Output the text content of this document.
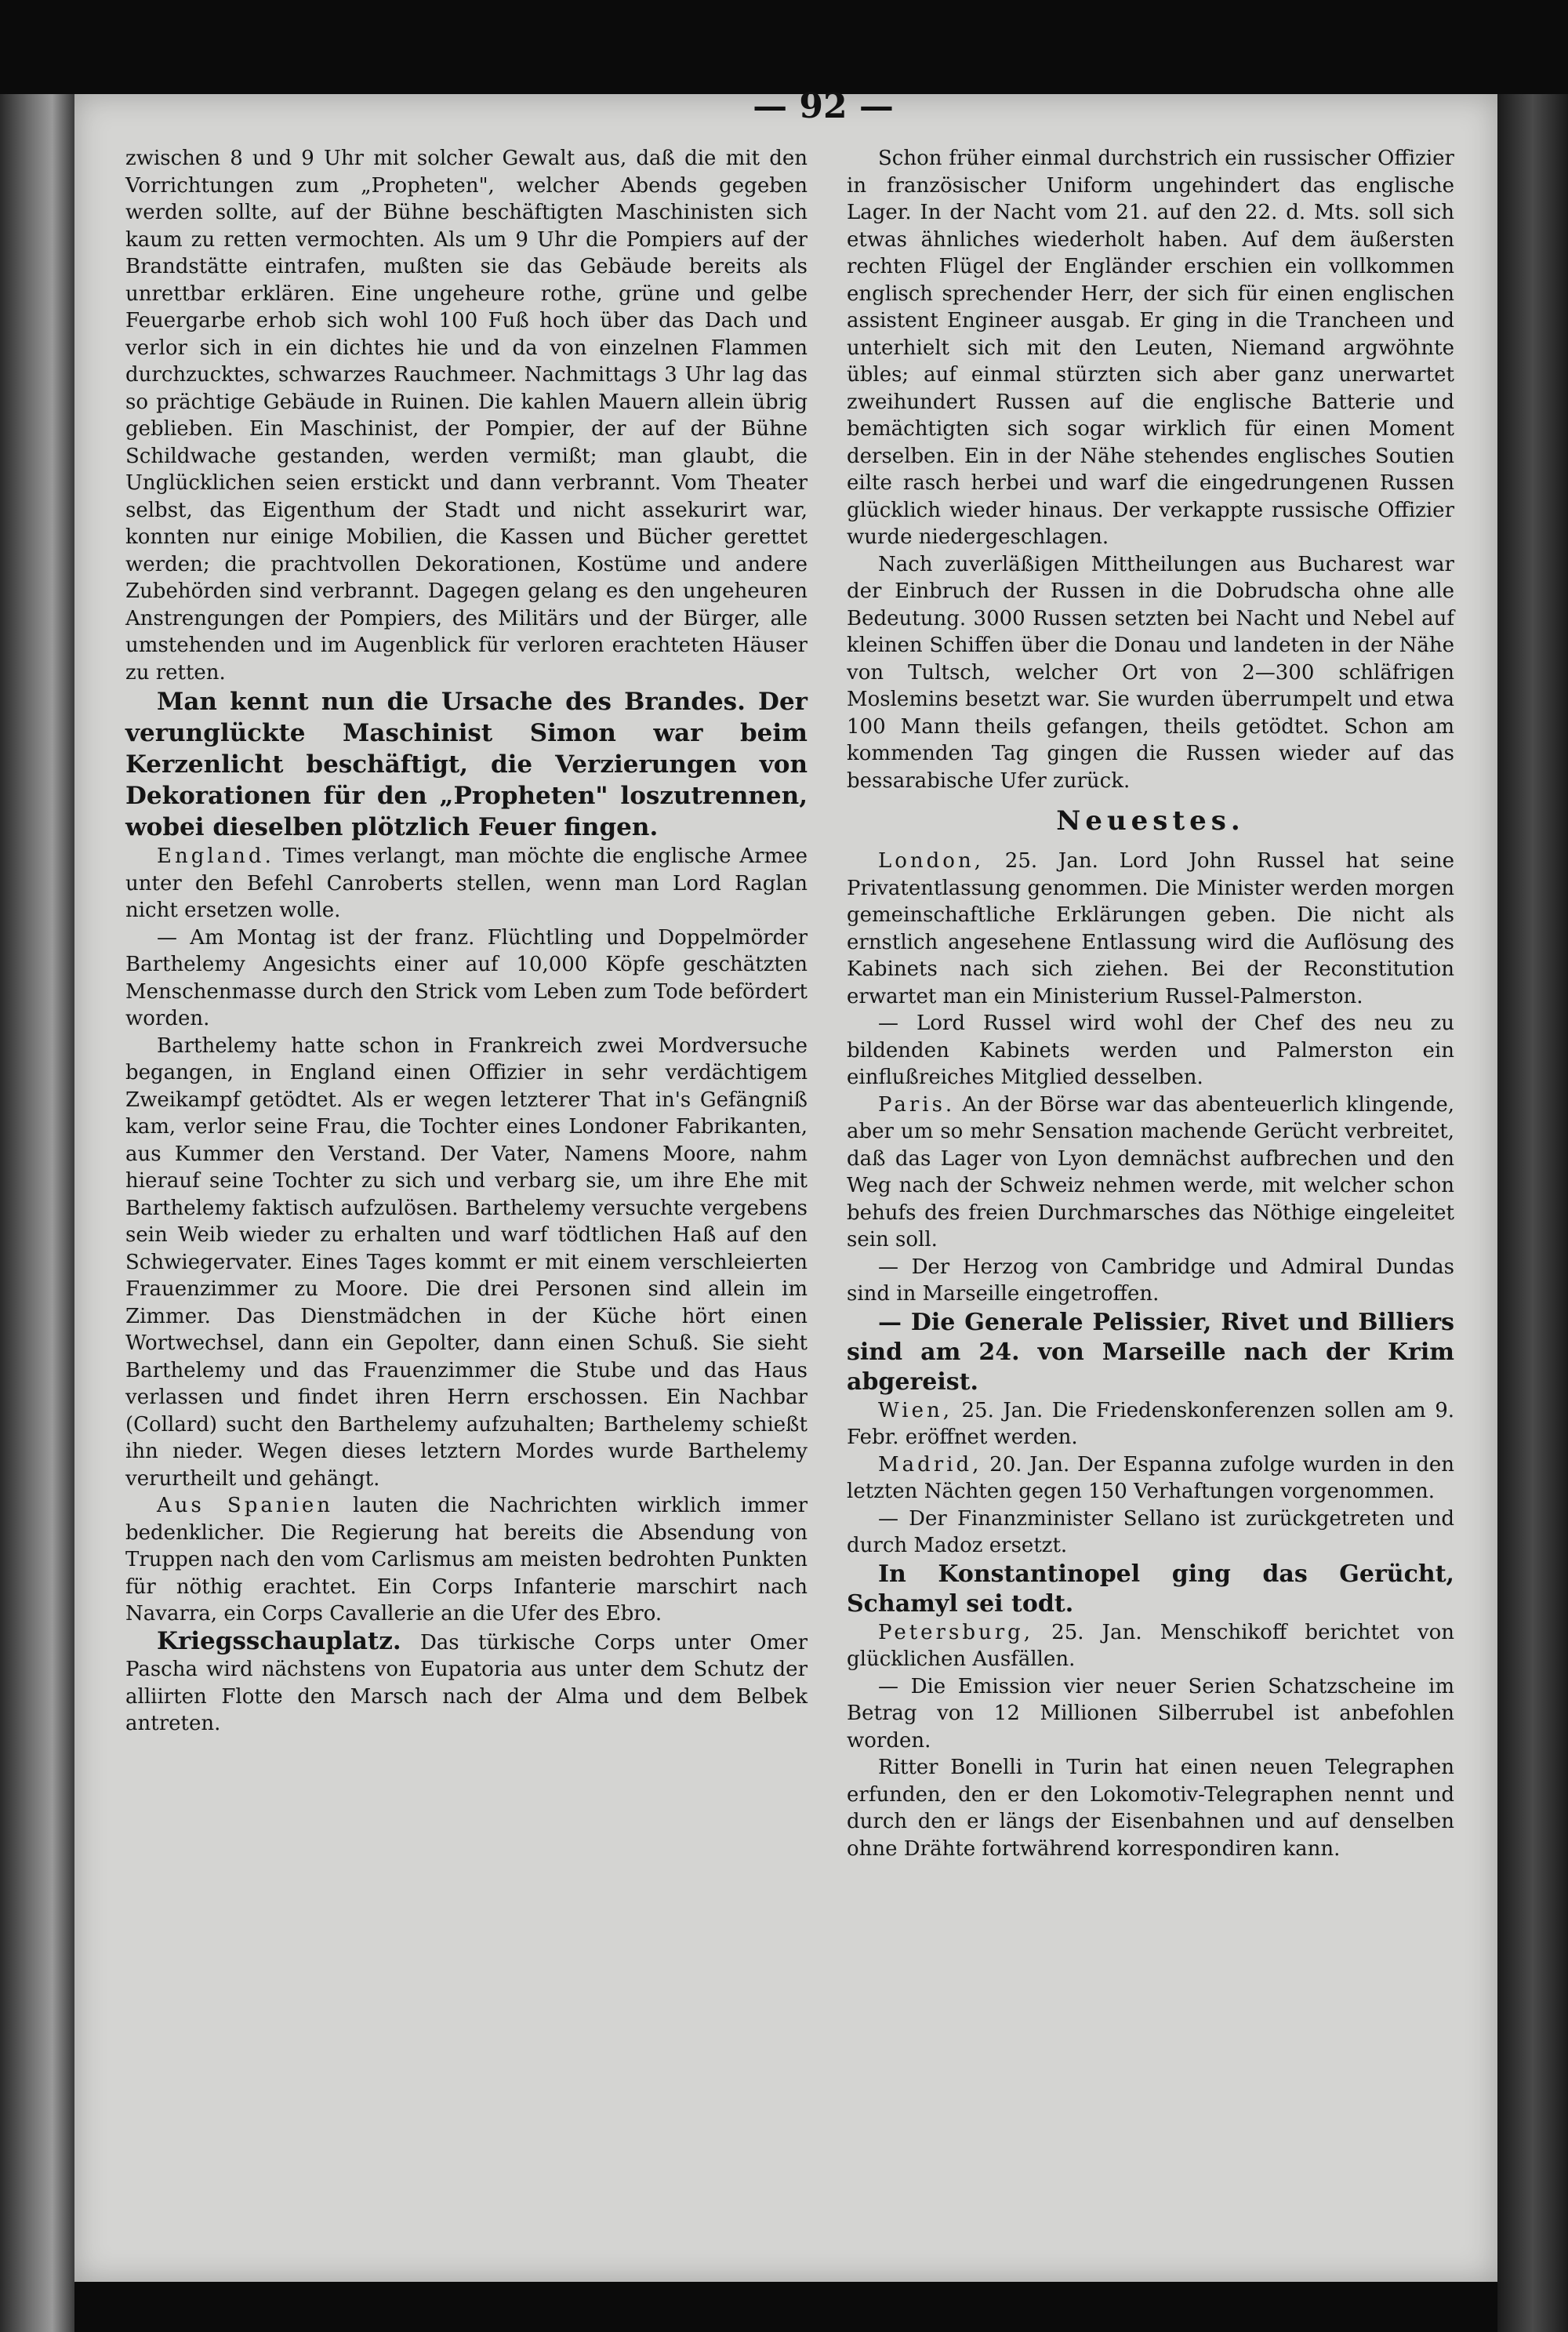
— 92 —

zwischen 8 und 9 Uhr mit solcher Gewalt aus, daß die mit den Vorrichtungen zum „Propheten", welcher Abends gegeben werden sollte, auf der Bühne beschäftigten Maschinisten sich kaum zu retten vermochten. Als um 9 Uhr die Pompiers auf der Brandstätte eintrafen, mußten sie das Gebäude bereits als unrettbar erklären. Eine ungeheure rothe, grüne und gelbe Feuergarbe erhob sich wohl 100 Fuß hoch über das Dach und verlor sich in ein dichtes hie und da von einzelnen Flammen durchzucktes, schwarzes Rauchmeer. Nachmittags 3 Uhr lag das so prächtige Gebäude in Ruinen. Die kahlen Mauern allein übrig geblieben. Ein Maschinist, der Pompier, der auf der Bühne Schildwache gestanden, werden vermißt; man glaubt, die Unglücklichen seien erstickt und dann verbrannt. Vom Theater selbst, das Eigenthum der Stadt und nicht assekurirt war, konnten nur einige Mobilien, die Kassen und Bücher gerettet werden; die prachtvollen Dekorationen, Kostüme und andere Zubehörden sind verbrannt. Dagegen gelang es den ungeheuren Anstrengungen der Pompiers, des Militärs und der Bürger, alle umstehenden und im Augenblick für verloren erachteten Häuser zu retten.

Man kennt nun die Ursache des Brandes. Der verunglückte Maschinist Simon war beim Kerzenlicht beschäftigt, die Verzierungen von Dekorationen für den „Propheten" loszutrennen, wobei dieselben plötzlich Feuer fingen.

England. Times verlangt, man möchte die englische Armee unter den Befehl Canroberts stellen, wenn man Lord Raglan nicht ersetzen wolle.

— Am Montag ist der franz. Flüchtling und Doppelmörder Barthelemy Angesichts einer auf 10,000 Köpfe geschätzten Menschenmasse durch den Strick vom Leben zum Tode befördert worden.

Barthelemy hatte schon in Frankreich zwei Mordversuche begangen, in England einen Offizier in sehr verdächtigem Zweikampf getödtet. Als er wegen letzterer That in's Gefängniß kam, verlor seine Frau, die Tochter eines Londoner Fabrikanten, aus Kummer den Verstand. Der Vater, Namens Moore, nahm hierauf seine Tochter zu sich und verbarg sie, um ihre Ehe mit Barthelemy faktisch aufzulösen. Barthelemy versuchte vergebens sein Weib wieder zu erhalten und warf tödtlichen Haß auf den Schwiegervater. Eines Tages kommt er mit einem verschleierten Frauenzimmer zu Moore. Die drei Personen sind allein im Zimmer. Das Dienstmädchen in der Küche hört einen Wortwechsel, dann ein Gepolter, dann einen Schuß. Sie sieht Barthelemy und das Frauenzimmer die Stube und das Haus verlassen und findet ihren Herrn erschossen. Ein Nachbar (Collard) sucht den Barthelemy aufzuhalten; Barthelemy schießt ihn nieder. Wegen dieses letztern Mordes wurde Barthelemy verurtheilt und gehängt.

Aus Spanien lauten die Nachrichten wirklich immer bedenklicher. Die Regierung hat bereits die Absendung von Truppen nach den vom Carlismus am meisten bedrohten Punkten für nöthig erachtet. Ein Corps Infanterie marschirt nach Navarra, ein Corps Cavallerie an die Ufer des Ebro.

Kriegsschauplatz. Das türkische Corps unter Omer Pascha wird nächstens von Eupatoria aus unter dem Schutz der alliirten Flotte den Marsch nach der Alma und dem Belbek antreten.

Schon früher einmal durchstrich ein russischer Offizier in französischer Uniform ungehindert das englische Lager. In der Nacht vom 21. auf den 22. d. Mts. soll sich etwas ähnliches wiederholt haben. Auf dem äußersten rechten Flügel der Engländer erschien ein vollkommen englisch sprechender Herr, der sich für einen englischen assistent Engineer ausgab. Er ging in die Trancheen und unterhielt sich mit den Leuten, Niemand argwöhnte übles; auf einmal stürzten sich aber ganz unerwartet zweihundert Russen auf die englische Batterie und bemächtigten sich sogar wirklich für einen Moment derselben. Ein in der Nähe stehendes englisches Soutien eilte rasch herbei und warf die eingedrungenen Russen glücklich wieder hinaus. Der verkappte russische Offizier wurde niedergeschlagen.

Nach zuverläßigen Mittheilungen aus Bucharest war der Einbruch der Russen in die Dobrudscha ohne alle Bedeutung. 3000 Russen setzten bei Nacht und Nebel auf kleinen Schiffen über die Donau und landeten in der Nähe von Tultsch, welcher Ort von 2—300 schläfrigen Moslemins besetzt war. Sie wurden überrumpelt und etwa 100 Mann theils gefangen, theils getödtet. Schon am kommenden Tag gingen die Russen wieder auf das bessarabische Ufer zurück.

Neuestes.

London, 25. Jan. Lord John Russel hat seine Privatentlassung genommen. Die Minister werden morgen gemeinschaftliche Erklärungen geben. Die nicht als ernstlich angesehene Entlassung wird die Auflösung des Kabinets nach sich ziehen. Bei der Reconstitution erwartet man ein Ministerium Russel-Palmerston.

— Lord Russel wird wohl der Chef des neu zu bildenden Kabinets werden und Palmerston ein einflußreiches Mitglied desselben.

Paris. An der Börse war das abenteuerlich klingende, aber um so mehr Sensation machende Gerücht verbreitet, daß das Lager von Lyon demnächst aufbrechen und den Weg nach der Schweiz nehmen werde, mit welcher schon behufs des freien Durchmarsches das Nöthige eingeleitet sein soll.

— Der Herzog von Cambridge und Admiral Dundas sind in Marseille eingetroffen.

— Die Generale Pelissier, Rivet und Billiers sind am 24. von Marseille nach der Krim abgereist.

Wien, 25. Jan. Die Friedenskonferenzen sollen am 9. Febr. eröffnet werden.

Madrid, 20. Jan. Der Espanna zufolge wurden in den letzten Nächten gegen 150 Verhaftungen vorgenommen.

— Der Finanzminister Sellano ist zurückgetreten und durch Madoz ersetzt.

In Konstantinopel ging das Gerücht, Schamyl sei todt.

Petersburg, 25. Jan. Menschikoff berichtet von glücklichen Ausfällen.

— Die Emission vier neuer Serien Schatzscheine im Betrag von 12 Millionen Silberrubel ist anbefohlen worden.

Ritter Bonelli in Turin hat einen neuen Telegraphen erfunden, den er den Lokomotiv-Telegraphen nennt und durch den er längs der Eisenbahnen und auf denselben ohne Drähte fortwährend korrespondiren kann.
